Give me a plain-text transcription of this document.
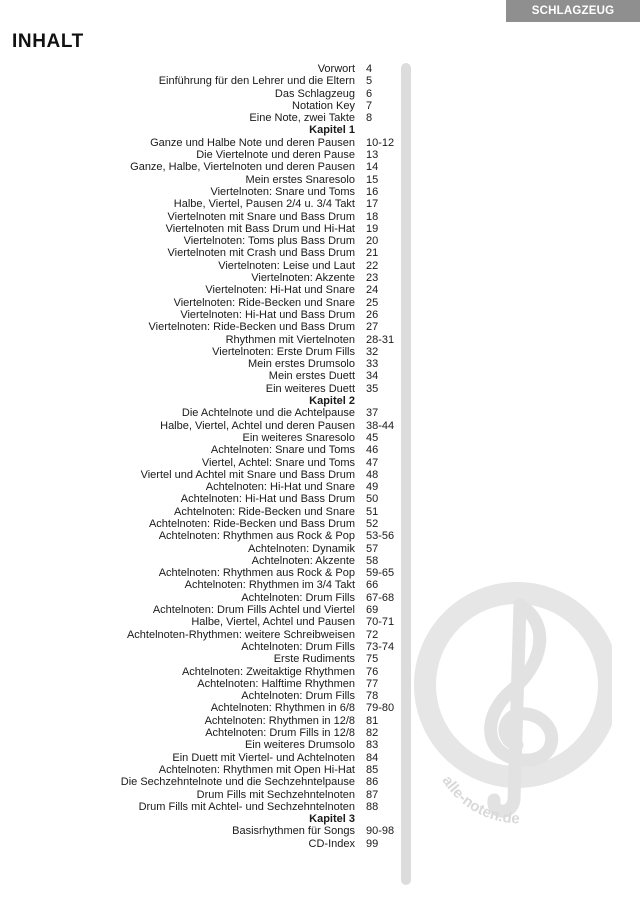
SCHLAGZEUG SPIELEN
INHALT
Vorwort	4
Einführung für den Lehrer und die Eltern	5
Das Schlagzeug	6
Notation Key	7
Eine Note, zwei Takte	8
Kapitel 1
Ganze und Halbe Note und deren Pausen	10-12
Die Viertelnote und deren Pause	13
Ganze, Halbe, Viertelnoten und deren Pausen	14
Mein erstes Snaresolo	15
Viertelnoten: Snare und Toms	16
Halbe, Viertel, Pausen 2/4 u. 3/4 Takt	17
Viertelnoten mit Snare und Bass Drum	18
Viertelnoten mit Bass Drum und Hi-Hat	19
Viertelnoten: Toms plus Bass Drum	20
Viertelnoten mit Crash und Bass Drum	21
Viertelnoten: Leise und Laut	22
Viertelnoten: Akzente	23
Viertelnoten: Hi-Hat und Snare	24
Viertelnoten: Ride-Becken und Snare	25
Viertelnoten: Hi-Hat und Bass Drum	26
Viertelnoten: Ride-Becken und Bass Drum	27
Rhythmen mit Viertelnoten	28-31
Viertelnoten: Erste Drum Fills	32
Mein erstes Drumsolo	33
Mein erstes Duett	34
Ein weiteres Duett	35
Kapitel 2
Die Achtelnote und die Achtelpause	37
Halbe, Viertel, Achtel und deren Pausen	38-44
Ein weiteres Snaresolo	45
Achtelnoten: Snare und Toms	46
Viertel, Achtel: Snare und Toms	47
Viertel und Achtel mit Snare und Bass Drum	48
Achtelnoten: Hi-Hat und Snare	49
Achtelnoten: Hi-Hat und Bass Drum	50
Achtelnoten: Ride-Becken und Snare	51
Achtelnoten: Ride-Becken und Bass Drum	52
Achtelnoten: Rhythmen aus Rock & Pop	53-56
Achtelnoten: Dynamik	57
Achtelnoten: Akzente	58
Achtelnoten: Rhythmen aus Rock & Pop	59-65
Achtelnoten: Rhythmen im 3/4 Takt	66
Achtelnoten: Drum Fills	67-68
Achtelnoten: Drum Fills Achtel und Viertel	69
Halbe, Viertel, Achtel und Pausen	70-71
Achtelnoten-Rhythmen: weitere Schreibweisen	72
Achtelnoten: Drum Fills	73-74
Erste Rudiments	75
Achtelnoten: Zweitaktige Rhythmen	76
Achtelnoten: Halftime Rhythmen	77
Achtelnoten: Drum Fills	78
Achtelnoten: Rhythmen in 6/8	79-80
Achtelnoten: Rhythmen in 12/8	81
Achtelnoten: Drum Fills in 12/8	82
Ein weiteres Drumsolo	83
Ein Duett mit Viertel- und Achtelnoten	84
Achtelnoten: Rhythmen mit Open Hi-Hat	85
Die Sechzehntelnote und die Sechzehntelpause	86
Drum Fills mit Sechzehntelnoten	87
Drum Fills mit Achtel- und Sechzehntelnoten	88
Kapitel 3
Basisrhythmen für Songs	90-98
CD-Index	99
alle-noten.de
